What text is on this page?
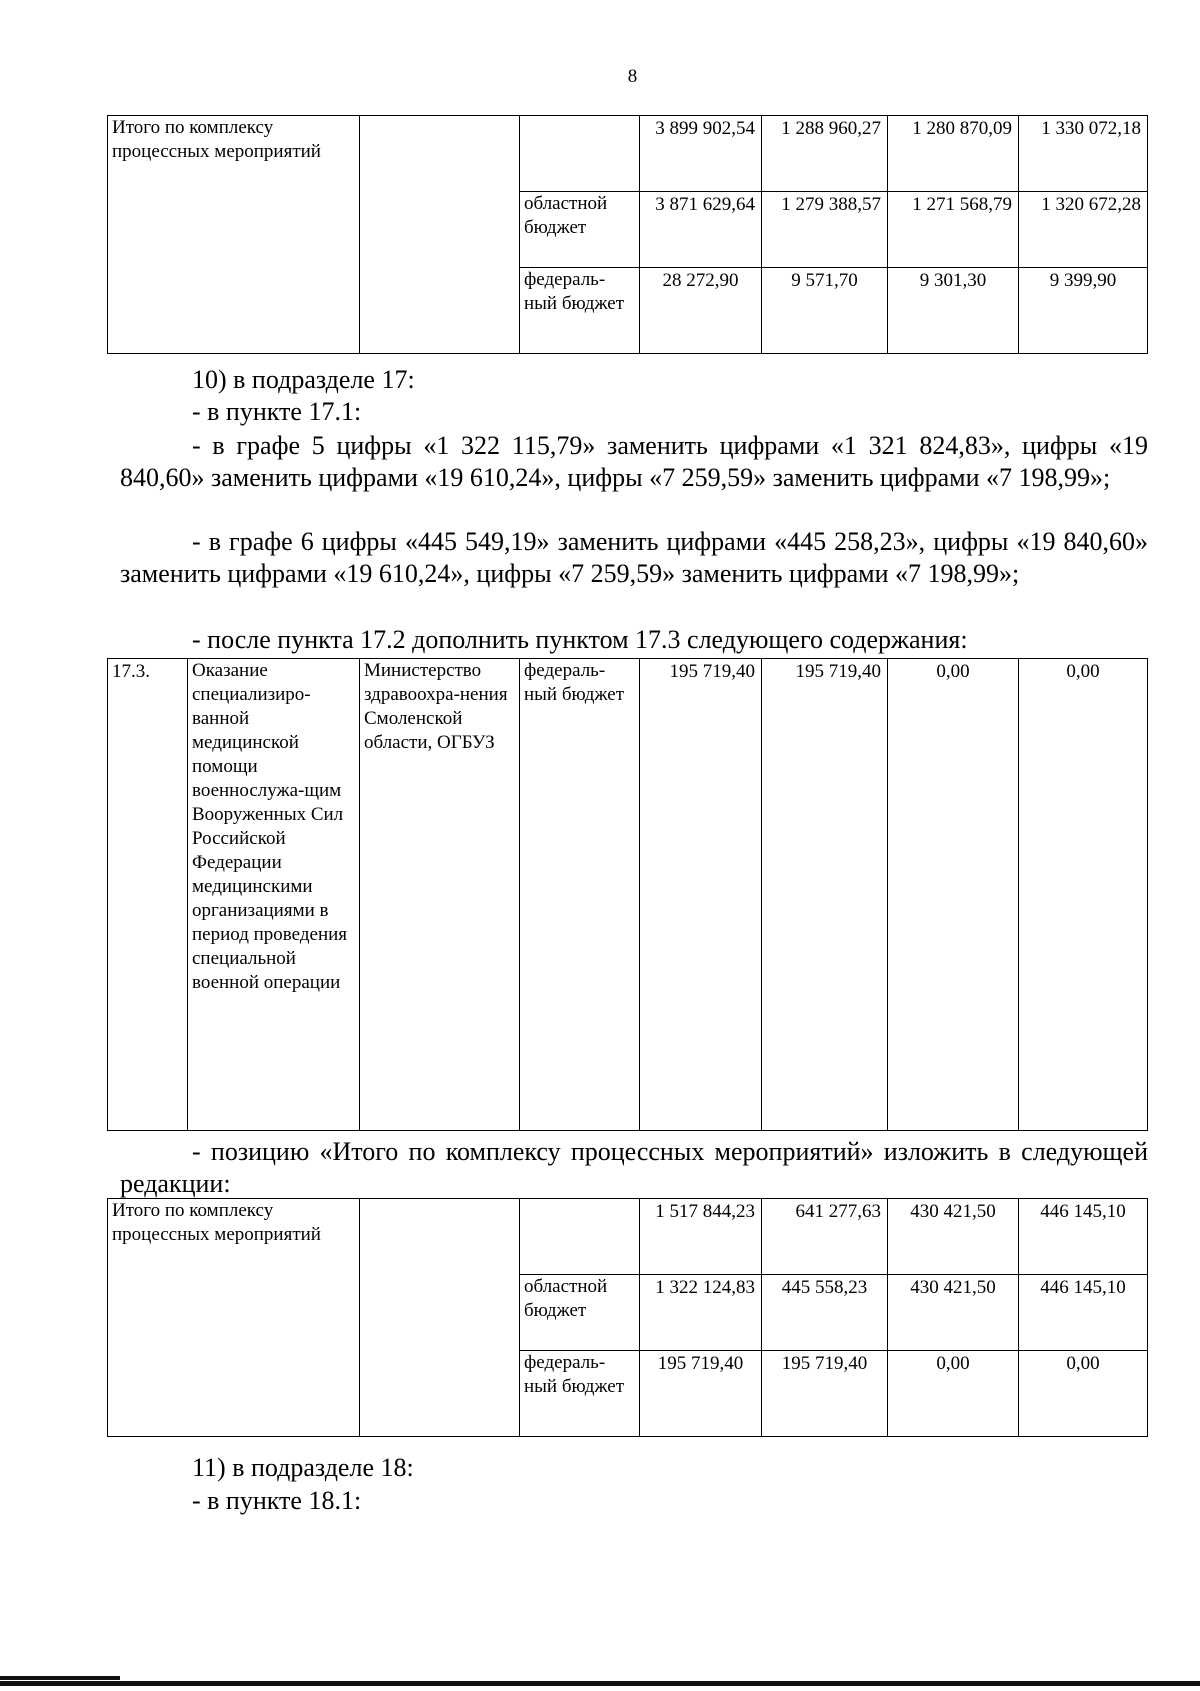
8
Итого по комплексу процессных мероприятий			3 899 902,54	1 288 960,27	1 280 870,09	1 330 072,18
		областной бюджет	3 871 629,64	1 279 388,57	1 271 568,79	1 320 672,28
		федераль-ный бюджет	28 272,90	9 571,70	9 301,30	9 399,90
10) в подразделе 17:
- в пункте 17.1:
- в графе 5 цифры «1 322 115,79» заменить цифрами «1 321 824,83», цифры «19 840,60» заменить цифрами «19 610,24», цифры «7 259,59» заменить цифрами «7 198,99»;
- в графе 6 цифры «445 549,19» заменить цифрами «445 258,23», цифры «19 840,60» заменить цифрами «19 610,24», цифры «7 259,59» заменить цифрами «7 198,99»;
- после пункта 17.2 дополнить пунктом 17.3 следующего содержания:
17.3.	Оказание специализиро-ванной медицинской помощи военнослужа-щим Вооруженных Сил Российской Федерации медицинскими организациями в период проведения специальной военной операции	Министерство здравоохра-нения Смоленской области, ОГБУЗ	федераль-ный бюджет	195 719,40	195 719,40	0,00	0,00
- позицию «Итого по комплексу процессных мероприятий» изложить в следующей редакции:
Итого по комплексу процессных мероприятий			1 517 844,23	641 277,63	430 421,50	446 145,10
		областной бюджет	1 322 124,83	445 558,23	430 421,50	446 145,10
		федераль-ный бюджет	195 719,40	195 719,40	0,00	0,00
11) в подразделе 18:
- в пункте 18.1:
